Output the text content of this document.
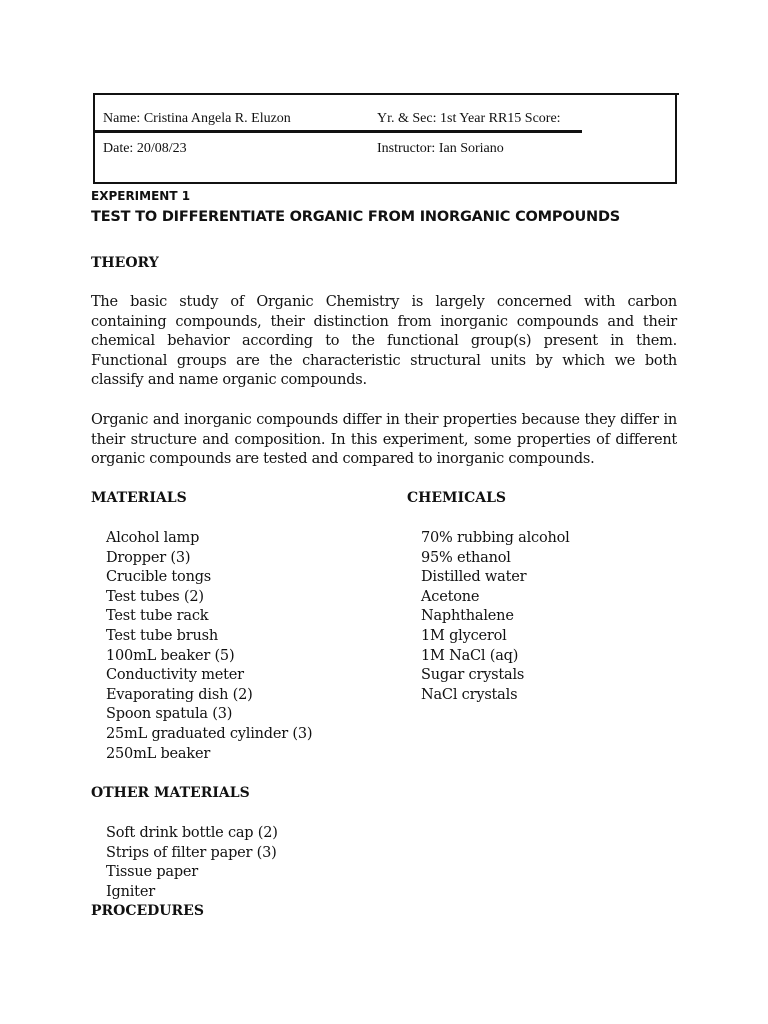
Name: Cristina Angela R. Eluzon	Yr. & Sec: 1st Year RR15 Score:
Date: 20/08/23	Instructor: Ian Soriano
EXPERIMENT 1
TEST TO DIFFERENTIATE ORGANIC FROM INORGANIC COMPOUNDS
THEORY

The basic study of Organic Chemistry is largely concerned with carbon containing compounds, their distinction from inorganic compounds and their chemical behavior according to the functional group(s) present in them. Functional groups are the characteristic structural units by which we both classify and name organic compounds.

Organic and inorganic compounds differ in their properties because they differ in their structure and composition. In this experiment, some properties of different organic compounds are tested and compared to inorganic compounds.

MATERIALS
Alcohol lamp
Dropper (3)
Crucible tongs
Test tubes (2)
Test tube rack
Test tube brush
100mL beaker (5)
Conductivity meter
Evaporating dish (2)
Spoon spatula (3)
25mL graduated cylinder (3)
250mL beaker
CHEMICALS
70% rubbing alcohol
95% ethanol
Distilled water
Acetone
Naphthalene
1M glycerol
1M NaCl (aq)
Sugar crystals
NaCl crystals
OTHER MATERIALS
Soft drink bottle cap (2)
Strips of filter paper (3)
Tissue paper
Igniter
PROCEDURES
